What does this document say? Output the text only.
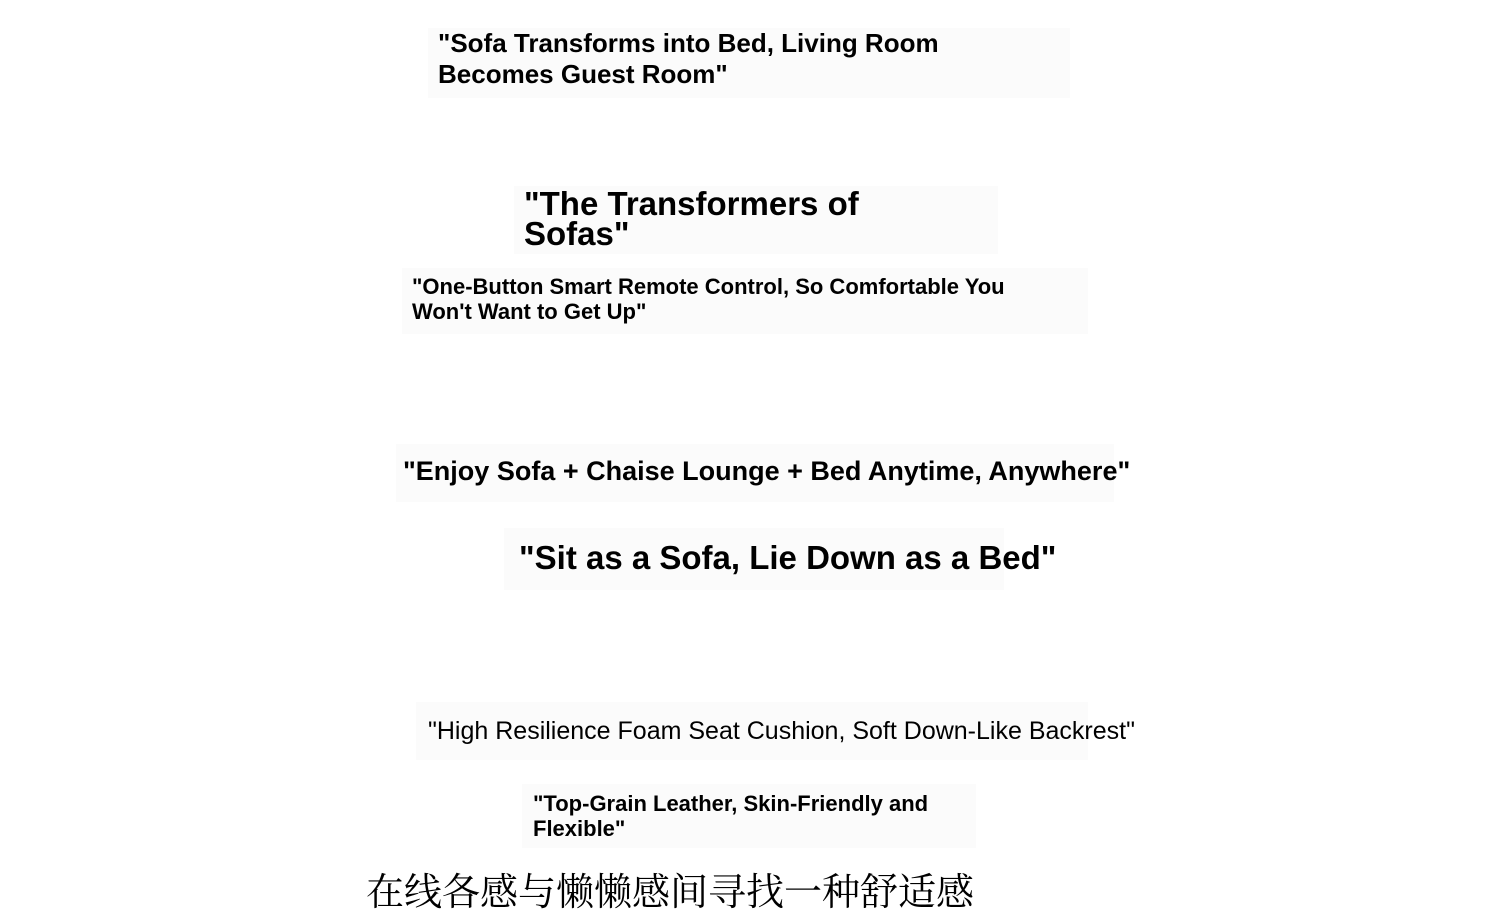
"Sofa Transforms into Bed, Living Room Becomes Guest Room"

"The Transformers of Sofas"

"One-Button Smart Remote Control, So Comfortable You Won't Want to Get Up"

"Enjoy Sofa + Chaise Lounge + Bed Anytime, Anywhere"

"Sit as a Sofa, Lie Down as a Bed"

"High Resilience Foam Seat Cushion, Soft Down-Like Backrest"

"Top-Grain Leather, Skin-Friendly and Flexible"

在线各感与懒懒感间寻找一种舒适感
